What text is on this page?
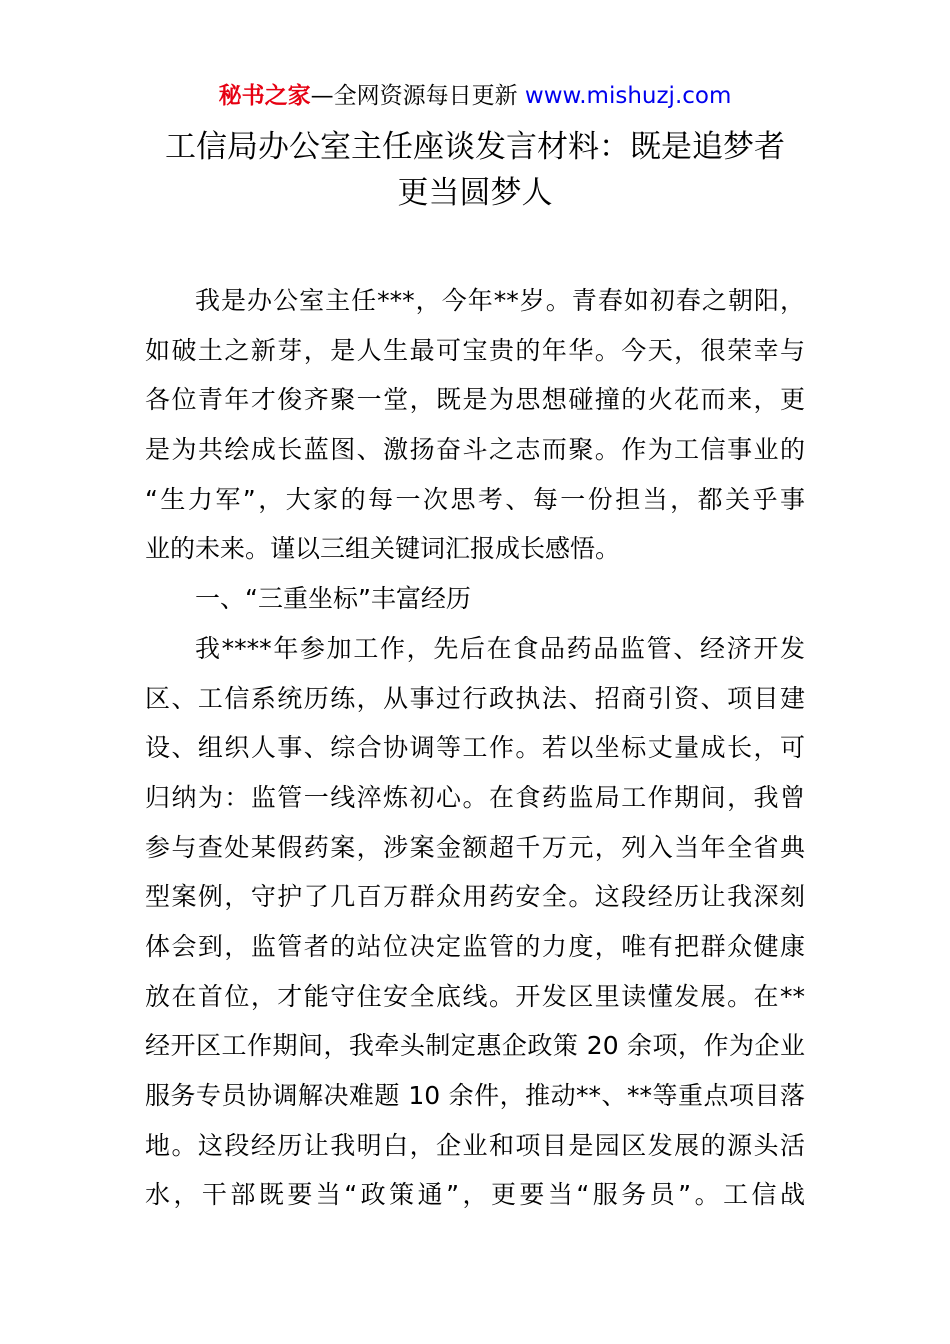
秘书之家—全网资源每日更新 www.mishuzj.com
工信局办公室主任座谈发言材料：既是追梦者
更当圆梦人
我是办公室主任***，今年**岁。青春如初春之朝阳，
如破土之新芽，是人生最可宝贵的年华。今天，很荣幸与
各位青年才俊齐聚一堂，既是为思想碰撞的火花而来，更
是为共绘成长蓝图、激扬奋斗之志而聚。作为工信事业的
“生力军”，大家的每一次思考、每一份担当，都关乎事
业的未来。谨以三组关键词汇报成长感悟。
一、“三重坐标”丰富经历
我****年参加工作，先后在食品药品监管、经济开发
区、工信系统历练，从事过行政执法、招商引资、项目建
设、组织人事、综合协调等工作。若以坐标丈量成长，可
归纳为：监管一线淬炼初心。在食药监局工作期间，我曾
参与查处某假药案，涉案金额超千万元，列入当年全省典
型案例，守护了几百万群众用药安全。这段经历让我深刻
体会到，监管者的站位决定监管的力度，唯有把群众健康
放在首位，才能守住安全底线。开发区里读懂发展。在**
经开区工作期间，我牵头制定惠企政策 20 余项，作为企业
服务专员协调解决难题 10 余件，推动**、**等重点项目落
地。这段经历让我明白，企业和项目是园区发展的源头活
水，干部既要当“政策通”，更要当“服务员”。工信战
